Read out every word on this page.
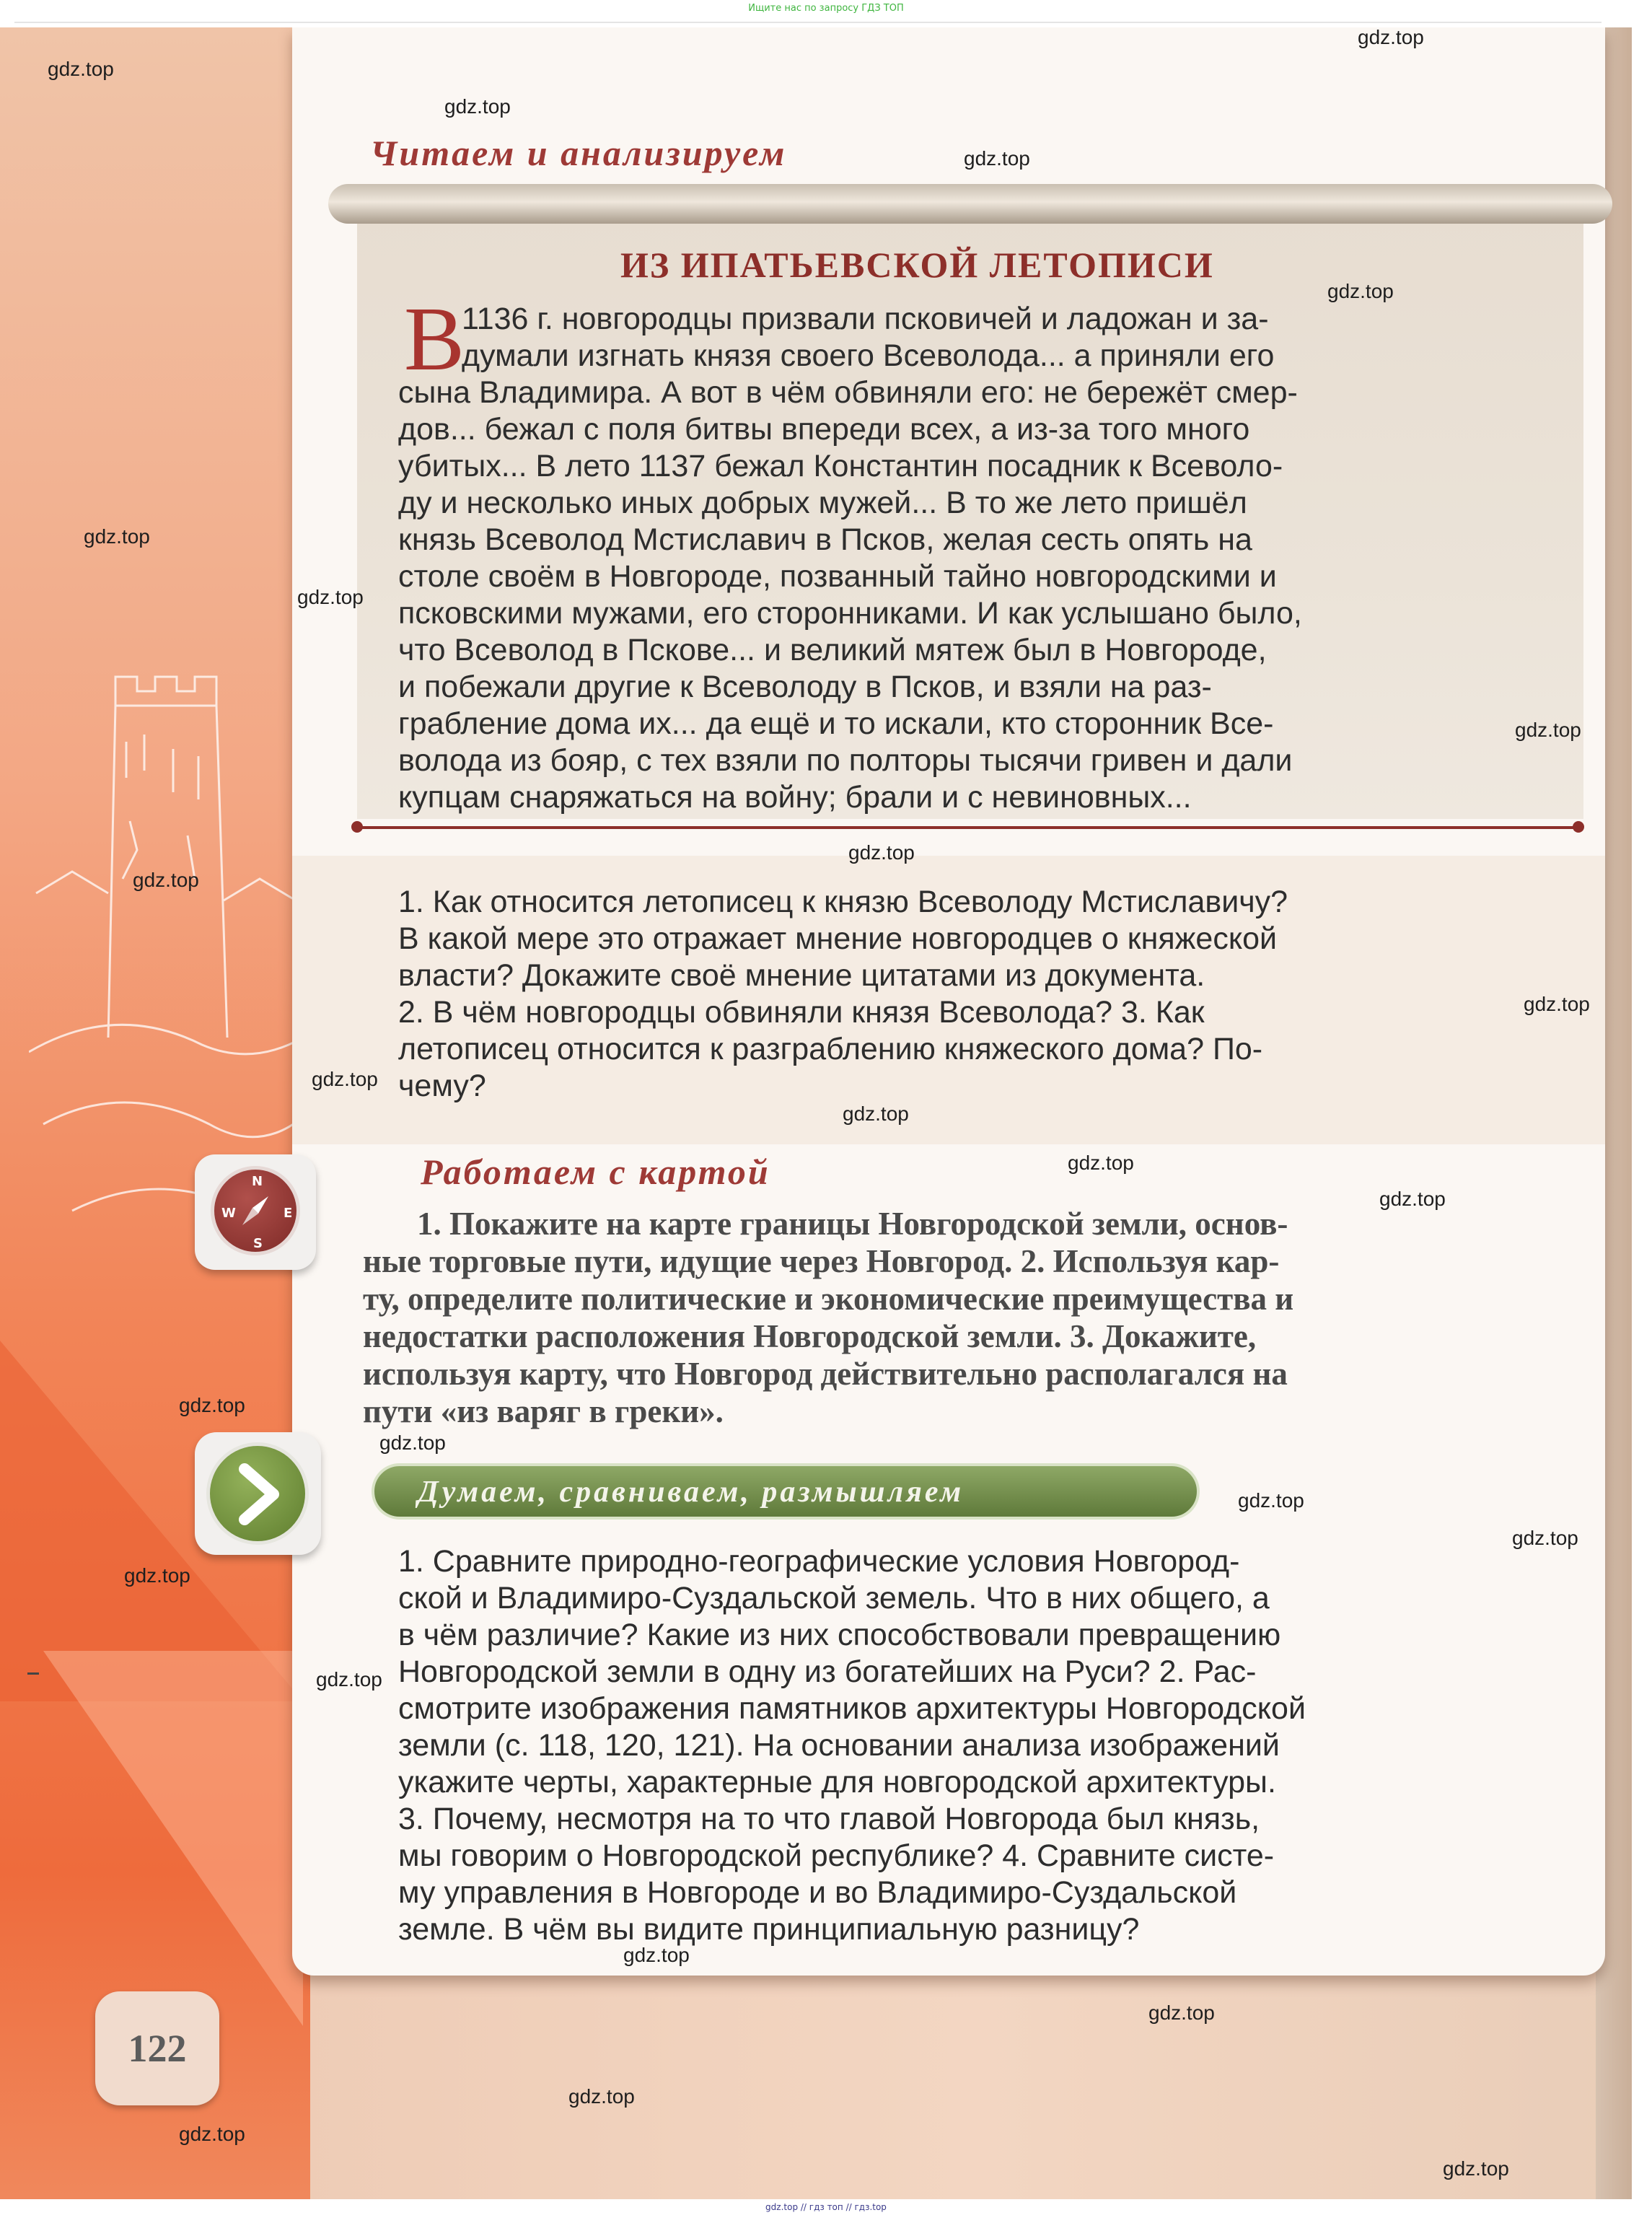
Ищите нас по запросу ГДЗ ТОП
Читаем и анализируем
ИЗ ИПАТЬЕВСКОЙ ЛЕТОПИСИ
В
1136 г. новгородцы призвали псковичей и ладожан и за-
думали изгнать князя своего Всеволода... а приняли его
сына Владимира. А вот в чём обвиняли его: не бережёт смер-
дов... бежал с поля битвы впереди всех, а из-за того много
убитых... В лето 1137 бежал Константин посадник к Всеволо-
ду и несколько иных добрых мужей... В то же лето пришёл
князь Всеволод Мстиславич в Псков, желая сесть опять на
столе своём в Новгороде, позванный тайно новгородскими и
псковскими мужами, его сторонниками. И как услышано было,
что Всеволод в Пскове... и великий мятеж был в Новгороде,
и побежали другие к Всеволоду в Псков, и взяли на раз-
грабление дома их... да ещё и то искали, кто сторонник Все-
волода из бояр, с тех взяли по полторы тысячи гривен и дали
купцам снаряжаться на войну; брали и с невиновных...
1. Как относится летописец к князю Всеволоду Мстиславичу?
В какой мере это отражает мнение новгородцев о княжеской
власти? Докажите своё мнение цитатами из документа.
2. В чём новгородцы обвиняли князя Всеволода? 3. Как
летописец относится к разграблению княжеского дома? По-
чему?
N
S
W	E
Работаем с картой
1. Покажите на карте границы Новгородской земли, основ-
ные торговые пути, идущие через Новгород. 2. Используя кар-
ту, определите политические и экономические преимущества и
недостатки расположения Новгородской земли. 3. Докажите,
используя карту, что Новгород действительно располагался на
пути «из варяг в греки».
Думаем, сравниваем, размышляем
1. Сравните природно-географические условия Новгород-
ской и Владимиро-Суздальской земель. Что в них общего, а
в чём различие? Какие из них способствовали превращению
Новгородской земли в одну из богатейших на Руси? 2. Рас-
смотрите изображения памятников архитектуры Новгородской
земли (с. 118, 120, 121). На основании анализа изображений
укажите черты, характерные для новгородской архитектуры.
3. Почему, несмотря на то что главой Новгорода был князь,
мы говорим о Новгородской республике? 4. Сравните систе-
му управления в Новгороде и во Владимиро-Суздальской
земле. В чём вы видите принципиальную разницу?
122
gdz.top
gdz.top
gdz.top
gdz.top
gdz.top
gdz.top
gdz.top
gdz.top
gdz.top
gdz.top
gdz.top
gdz.top
gdz.top
gdz.top
gdz.top
gdz.top
gdz.top
gdz.top
gdz.top
gdz.top
gdz.top
gdz.top
gdz.top
gdz.top
gdz.top
gdz.top
gdz.top // гдз топ // гдз.top
